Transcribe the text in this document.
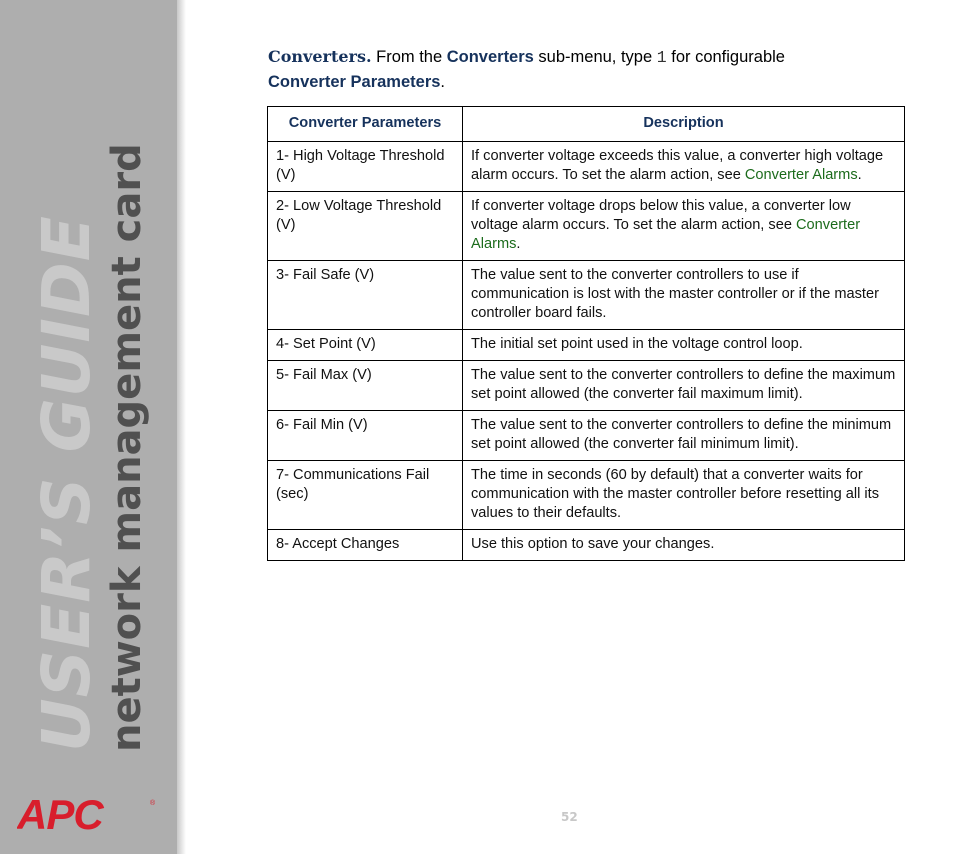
USER’S GUIDE network management card
APC	®
Converters. From the Converters sub-menu, type 1 for configurable
Converter Parameters.
Converter Parameters	Description
1- High Voltage Threshold (V)	If converter voltage exceeds this value, a converter high voltage alarm occurs. To set the alarm action, see Converter Alarms.
2- Low Voltage Threshold (V)	If converter voltage drops below this value, a converter low voltage alarm occurs. To set the alarm action, see Converter Alarms.
3- Fail Safe (V)	The value sent to the converter controllers to use if communication is lost with the master controller or if the master controller board fails.
4- Set Point (V)	The initial set point used in the voltage control loop.
5- Fail Max (V)	The value sent to the converter controllers to define the maximum set point allowed (the converter fail maximum limit).
6- Fail Min (V)	The value sent to the converter controllers to define the minimum set point allowed (the converter fail minimum limit).
7- Communications Fail (sec)	The time in seconds (60 by default) that a converter waits for communication with the master controller before resetting all its values to their defaults.
8- Accept Changes	Use this option to save your changes.
52
